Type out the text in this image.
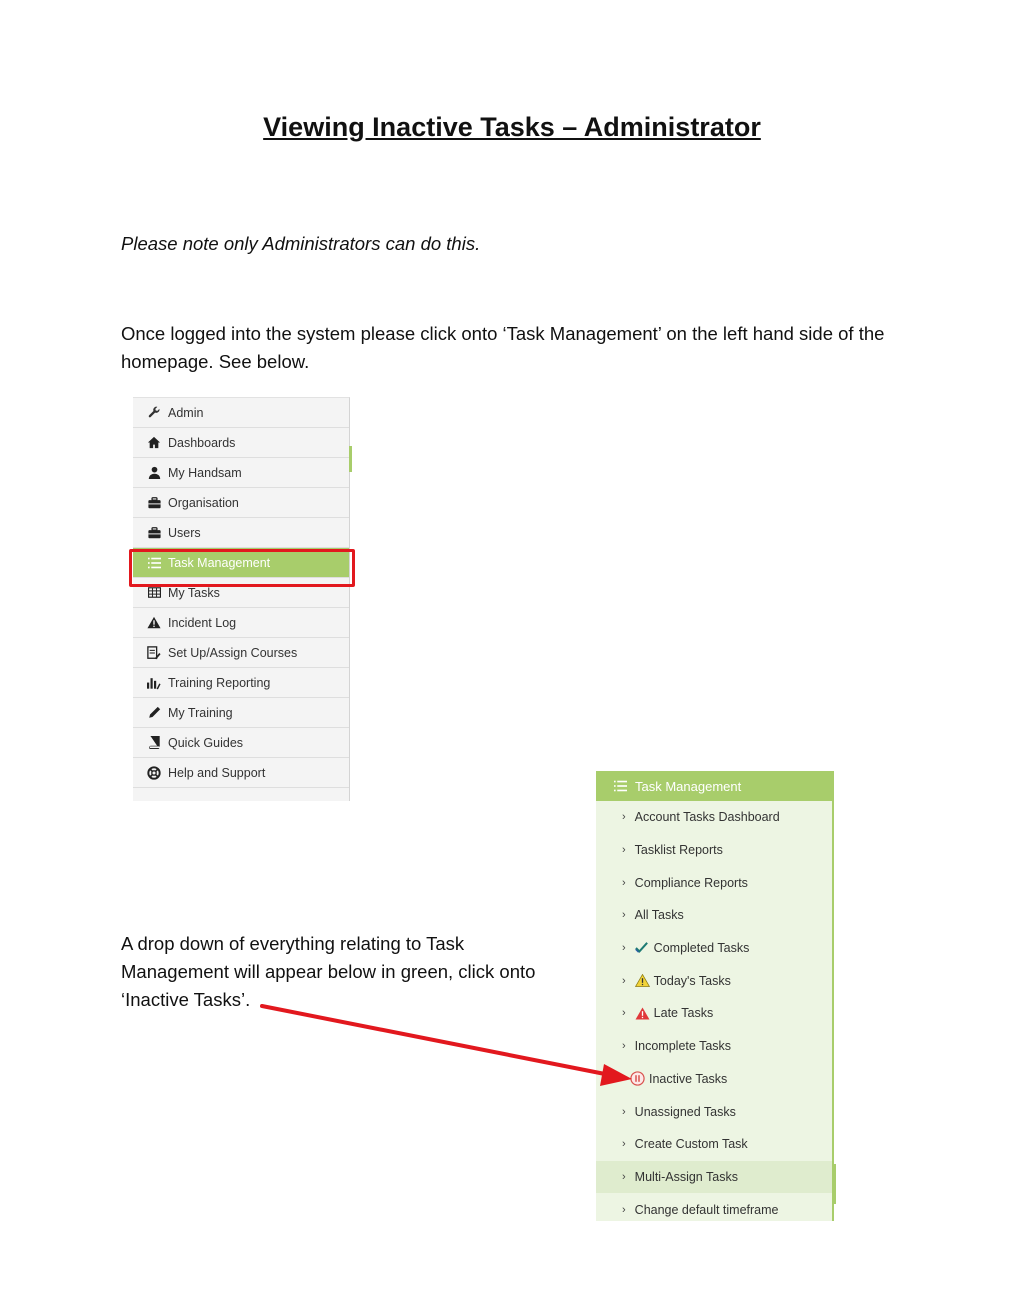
Viewing Inactive Tasks – Administrator
Please note only Administrators can do this.
Once logged into the system please click onto ‘Task Management’ on the left hand side of the homepage. See below.
Admin
Dashboards
My Handsam
Organisation
Users
Task Management
My Tasks
Incident Log
Set Up/Assign Courses
Training Reporting
My Training
Quick Guides
Help and Support
A drop down of everything relating to Task Management will appear below in green, click onto ‘Inactive Tasks’.
Task Management
› Account Tasks Dashboard
› Tasklist Reports
› Compliance Reports
› All Tasks
› Completed Tasks
› Today's Tasks
› Late Tasks
› Incomplete Tasks
Inactive Tasks
› Unassigned Tasks
› Create Custom Task
› Multi-Assign Tasks
› Change default timeframe
